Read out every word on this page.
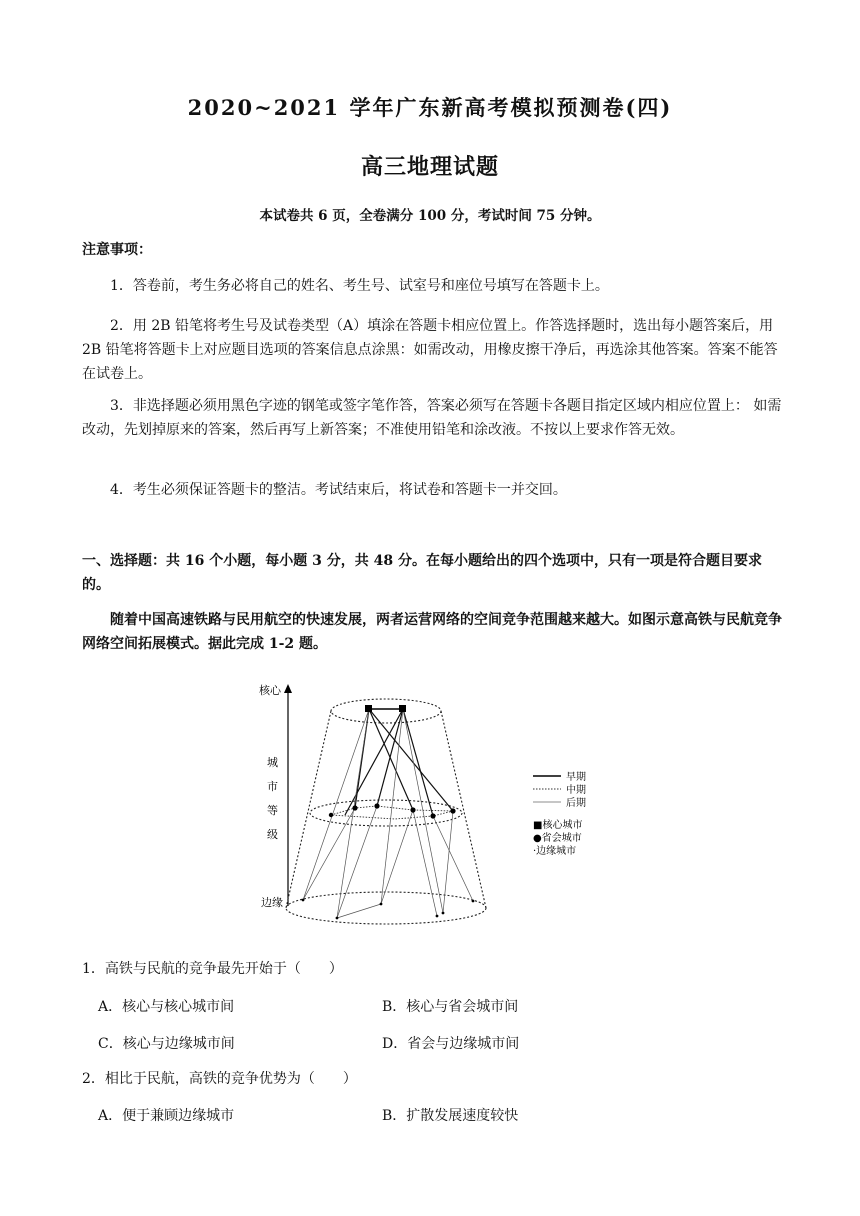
2020~2021 学年广东新高考模拟预测卷(四)
高三地理试题
本试卷共 6 页，全卷满分 100 分，考试时间 75 分钟。
注意事项：
1．答卷前，考生务必将自己的姓名、考生号、试室号和座位号填写在答题卡上。
2．用 2B 铅笔将考生号及试卷类型（A）填涂在答题卡相应位置上。作答选择题时，选出每小题答案后，用 2B 铅笔将答题卡上对应题目选项的答案信息点涂黑：如需改动，用橡皮擦干净后，再选涂其他答案。答案不能答在试卷上。
3．非选择题必须用黑色字迹的钢笔或签字笔作答，答案必须写在答题卡各题目指定区域内相应位置上： 如需改动，先划掉原来的答案，然后再写上新答案；不准使用铅笔和涂改液。不按以上要求作答无效。
4．考生必须保证答题卡的整洁。考试结束后，将试卷和答题卡一并交回。
一、选择题：共 16 个小题，每小题 3 分，共 48 分。在每小题给出的四个选项中，只有一项是符合题目要求的。
随着中国高速铁路与民用航空的快速发展，两者运营网络的空间竞争范围越来越大。如图示意高铁与民航竞争网络空间拓展模式。据此完成 1-2 题。
核心
边缘
城
市
等
级
早期
中期
后期
■核心城市
●省会城市
·边缘城市
1．高铁与民航的竞争最先开始于（　　）
A．核心与核心城市间	B．核心与省会城市间
C．核心与边缘城市间	D．省会与边缘城市间
2．相比于民航，高铁的竞争优势为（　　）
A．便于兼顾边缘城市	B．扩散发展速度较快
